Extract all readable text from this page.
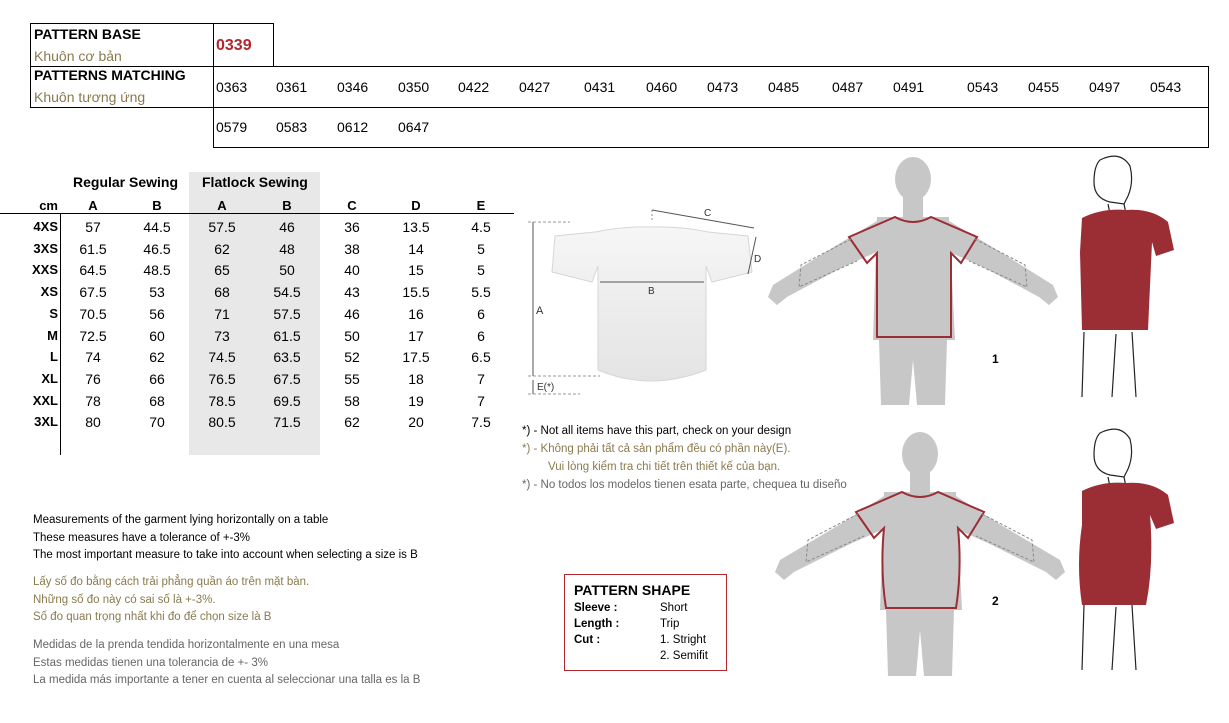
PATTERN BASE
Khuôn cơ bản
0339
PATTERNS MATCHING
Khuôn tương ứng
0363 0361 0346 0350 0422 0427 0431 0460 0473 0485 0487 0491	0543 0455 0497 0543
0579 0583 0612 0647
Regular Sewing Flatlock Sewing
cm	A	B	A	B	C	D	E
4XS	57	44.5	57.5	46	36	13.5	4.5
3XS	61.5	46.5	62	48	38	14	5
XXS	64.5	48.5	65	50	40	15	5
XS	67.5	53	68	54.5	43	15.5	5.5
S	70.5	56	71	57.5	46	16	6
M	72.5	60	73	61.5	50	17	6
L	74	62	74.5	63.5	52	17.5	6.5
XL	76	66	76.5	67.5	55	18	7
XXL	78	68	78.5	69.5	58	19	7
3XL	80	70	80.5	71.5	62	20	7.5
A
E(*)
B
C
D
*) - Not all items have this part, check on your design
*) - Không phải tất cả sản phẩm đều có phần này(E).
Vui lòng kiểm tra chi tiết trên thiết kế của bạn.
*) - No todos los modelos tienen esata parte, chequea tu diseño
1
1
2
2
Measurements of the garment lying horizontally on a table
These measures have a tolerance of +-3%
The most important measure to take into account when selecting a size is B
Lấy số đo bằng cách trải phẳng quần áo trên mặt bàn.
Những số đo này có sai số là +-3%.
Số đo quan trọng nhất khi đo để chọn size là B
Medidas de la prenda tendida horizontalmente en una mesa
Estas medidas tienen una tolerancia de +- 3%
La medida más importante a tener en cuenta al seleccionar una talla es la B
PATTERN SHAPE
Sleeve :	Short
Length :	Trip
Cut :	1. Stright
2. Semifit
